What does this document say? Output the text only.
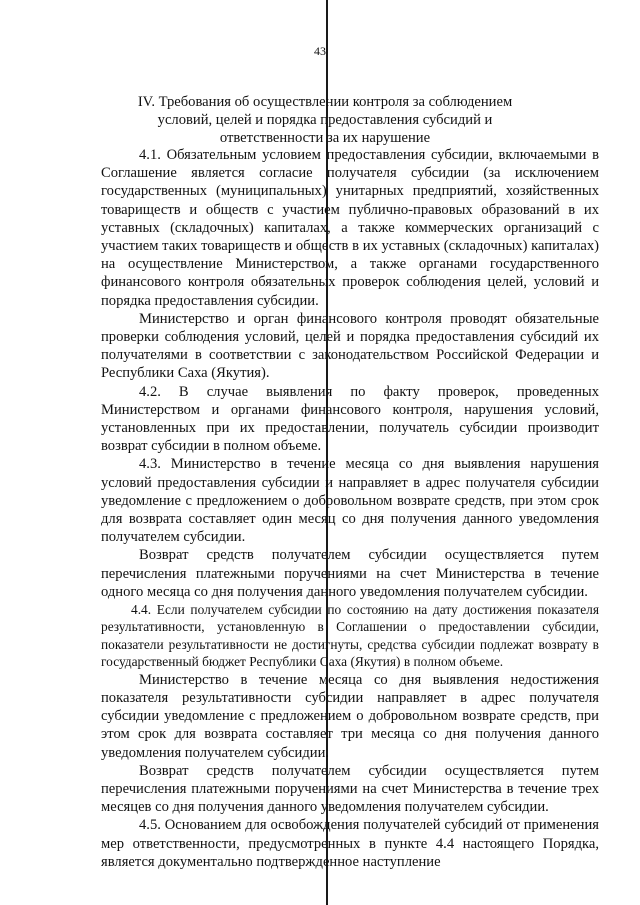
43
IV. Требования об осуществлении контроля за соблюдением условий, целей и порядка предоставления субсидий и ответственности за их нарушение

4.1. Обязательным условием предоставления субсидии, включаемыми в Соглашение является согласие получателя субсидии (за исключением государственных (муниципальных) унитарных предприятий, хозяйственных товариществ и обществ с участием публично-правовых образований в их уставных (складочных) капиталах, а также коммерческих организаций с участием таких товариществ и обществ в их уставных (складочных) капиталах) на осуществление Министерством, а также органами государственного финансового контроля обязательных проверок соблюдения целей, условий и порядка предоставления субсидии.

Министерство и орган финансового контроля проводят обязательные проверки соблюдения условий, целей и порядка предоставления субсидий их получателями в соответствии с законодательством Российской Федерации и Республики Саха (Якутия).

4.2. В случае выявления по факту проверок, проведенных Министерством и органами финансового контроля, нарушения условий, установленных при их предоставлении, получатель субсидии производит возврат субсидии в полном объеме.

4.3. Министерство в течение месяца со дня выявления нарушения условий предоставления субсидии и направляет в адрес получателя субсидии уведомление с предложением о добровольном возврате средств, при этом срок для возврата составляет один месяц со дня получения данного уведомления получателем субсидии.

Возврат средств получателем субсидии осуществляется путем перечисления платежными поручениями на счет Министерства в течение одного месяца со дня получения данного уведомления получателем субсидии.

4.4. Если получателем субсидии по состоянию на дату достижения показателя результативности, установленную в Соглашении о предоставлении субсидии, показатели результативности не достигнуты, средства субсидии подлежат возврату в государственный бюджет Республики Саха (Якутия) в полном объеме.

Министерство в течение месяца со дня выявления недостижения показателя результативности субсидии направляет в адрес получателя субсидии уведомление с предложением о добровольном возврате средств, при этом срок для возврата составляет три месяца со дня получения данного уведомления получателем субсидии.

Возврат средств получателем субсидии осуществляется путем перечисления платежными поручениями на счет Министерства в течение трех месяцев со дня получения данного уведомления получателем субсидии.

4.5. Основанием для освобождения получателей субсидий от применения мер ответственности, предусмотренных в пункте 4.4 настоящего Порядка, является документально подтвержденное наступление
